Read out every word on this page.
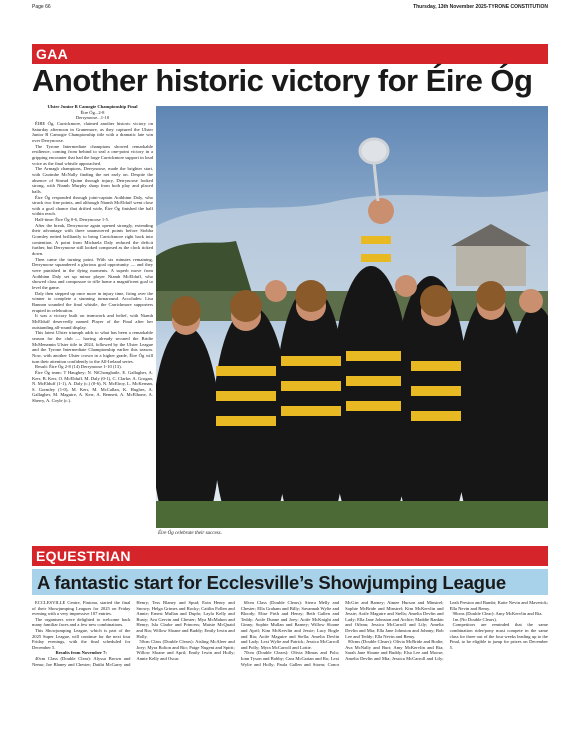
Page 66	Thursday, 13th November 2025-TYRONE CONSTITUTION
GAA
Another historic victory for Éire Óg

Ulster Junior B Camogie Championship Final

Éire Óg...2-8

Derrynoose...1-10

ÉIRE Óg, Carrickmore, claimed another historic victory on Saturday afternoon in Granemore, as they captured the Ulster Junior B Camogie Championship title with a dramatic late win over Derrynoose.

The Tyrone Intermediate champions showed remarkable resilience, coming from behind to seal a one-point victory in a gripping encounter that had the large Carrickmore support in loud voice as the final whistle approached.

The Armagh champions, Derrynoose, made the brighter start, with Caoimhe McNally finding the net early on. Despite the absence of Sinead Quinn through injury, Derrynoose looked strong, with Niamh Murphy sharp from both play and placed balls.

Éire Óg responded through joint-captain Aoibhinn Daly, who struck two fine points, and although Niamh McElduff went close with a goal chance that drifted wide, Éire Óg finished the half within reach.

Half-time: Éire Óg 0-6, Derrynoose 1-5.

After the break, Derrynoose again opened strongly, extending their advantage with three unanswered points before Siobha Gormley netted brilliantly to bring Carrickmore right back into contention. A point from Michaela Daly reduced the deficit further, but Derrynoose still looked composed as the clock ticked down.

Then came the turning point. With six minutes remaining, Derrynoose squandered a glorious goal opportunity — and they were punished in the dying moments. A superb move from Aoibhinn Daly set up minor player Niamh McElduff, who showed class and composure to rifle home a magnificent goal to level the game.

Daly then stepped up once more in injury time, firing over the winner to complete a stunning turnaround. Accolades: Lisa Bannon sounded the final whistle, the Carrickmore supporters erupted in celebration.

It was a victory built on teamwork and belief, with Niamh McElduff deservedly named Player of the Final after her outstanding all-round display.

This latest Ulster triumph adds to what has been a remarkable season for the club — having already secured the Bridie McMenamin Ulster title in 2024, followed by the Ulster League and the Tyrone Intermediate Championship earlier this season. Now, with another Ulster crown in a higher grade, Éire Óg will turn their attention confidently to the All-Ireland series.

Result: Éire Óg 2-8 (14) Derrynoose 1-10 (13).

Éire Óg team: T Haughey; N. NíChonghaile, E. Gallagher, A. Kerr, B. Kerr, O. McElduff, M. Daly (0-1), C. Clarke; A. Grogan, N. McElduff (1-1), A. Daly (c.) (0-6), N. McElroy, L. McKernan, S. Gormley (1-0), M. Kerr, M. McCallan, K. Hughes, A. Gallagher, M. Maguire, A. Kerr, A. Bennett, A. McElhone, A. Sherry, A. Coyle (c.).

Éire Óg celebrate their success.
EQUESTRIAN
A fantastic start for Ecclesville’s Showjumping League

ECCLESVILLE Centre, Fintona, started the final of their Showjumping Leagues for 2025 on Friday evening with a very impressive 107 entries.

The organisers were delighted to welcome back many familiar faces and a few new combinations.

This Showjumping League, which is part of the 2025 Super League, will continue for the next four Friday evenings, with the final scheduled for December 5.

Results from November 7:

40cm Class (Double Clear): Alyssa Brown and Nemo; Joe Blaney and Chester; Daithi McGarry and Henry; Tess Blaney and Spud; Eoin Henry and Snowy; Helga Grimes and Rocky; Caitlin Follen and Annie; Ernest Mullan and Duplo; Layla Kelly and Rusty; Ava Gervin and Chester; Mya McMahon and Henry; Isla Clarke and Princess; Maisie McQuaid and Ria; Willow Sloane and Buddy; Emily Irwin and Holly.

50cm Class (Double Clears): Aisling McAleer and Joey; Myra Bolton and Rio; Paige Nugent and Spirit; Willow Sloane and April; Emily Irwin and Holly; Annie Kelly and Oscar.

60cm Class (Double Clears): Sierra Melly and Chester; Ella Graham and Billy; Savannah Wylie and Bloody; Elise Firth and Henry; Beth Gallen and Teddy; Aoife Dunne and Joey; Aoife McKnight and Ginny; Sophie Mullan and Barney; Willow Sloane and April; Kim McKervlin and Jessie; Lucy Bogle and Ria; Aoife Maguire and Stella; Amelia Devlin and Lady; Lexi Wylie and Patrick; Jessica McCarroll and Polly; Myra McCarroll and Lottie.

70cm (Double Clears): Olivia Mimas and Polo; Ionn Tyson and Bobby; Cara McCartan and Ro; Lexi Wylie and Holly; Paula Gallen and Storm; Conor McGirr and Barney; Aimee Hurson and Minstrel; Sophie McBride and Minstrel; Kim McKervlin and Jessie; Aoife Maguire and Stella; Amelia Devlin and Lady; Ella Jane Johnston and Archie; Maddie Rankin and Oilean; Jessica McCarroll and Lily; Amelia Devlin and Mia; Ella Jane Johnston and Johnny; Bob Lee and Teddy; Ella Nevin and Remy.

80cms (Double Clears): Olivia McBride and Bodie; Ava McNally and Burt; Amy McKervlin and Ria; Sarah Jane Sloane and Buddy; Elsa Lee and Moose; Amelia Devlin and Mia; Jessica McCarroll and Lily; Leah Preston and Bambi; Katie Nevin and Maverick; Ella Nevin and Remy.

90cms (Double Clear): Amy McKervlin and Ria.

1m (No Double Clears).

Competitors are reminded that the same combination rider/pony must compete in the same class for three out of the four weeks leading up to the Final, to be eligible to jump for prizes on December 5.
